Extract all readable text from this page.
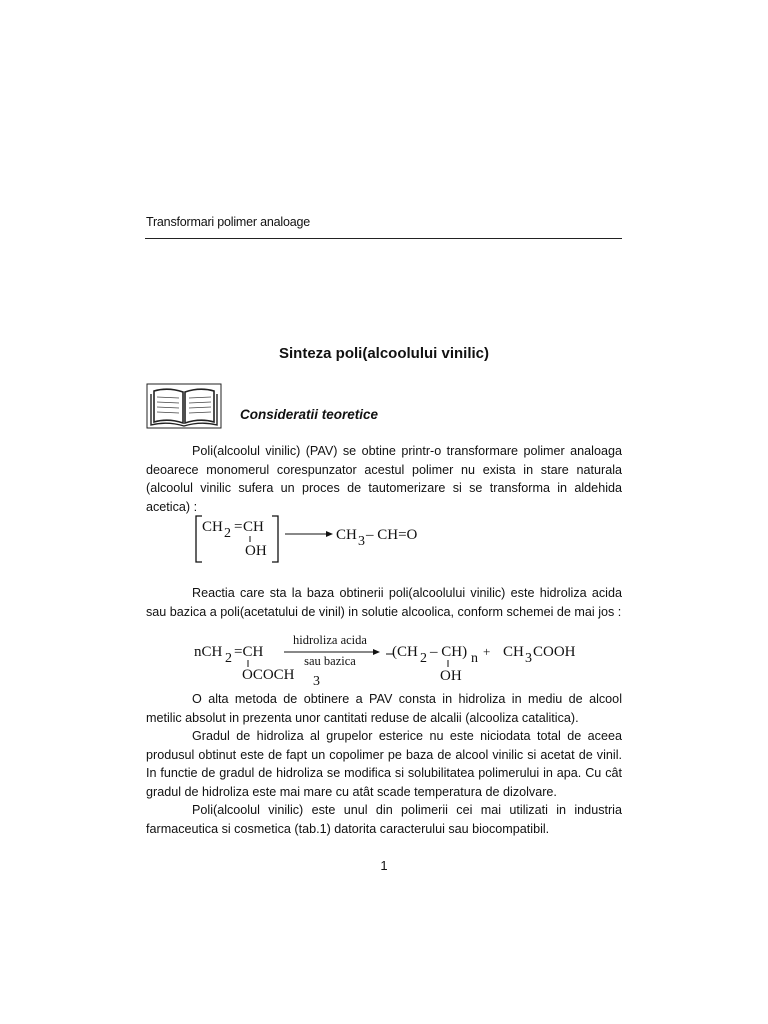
Transformari polimer analoage
Sinteza poli(alcoolului vinilic)
Consideratii teoretice

Poli(alcoolul vinilic) (PAV) se obtine printr-o transformare polimer analoaga deoarece monomerul corespunzator acestul polimer nu exista in stare naturala (alcoolul vinilic sufera un proces de tautomerizare si se transforma in aldehida acetica) :

CH 2 = CH
OH
CH 3 – CH=O

Reactia care sta la baza obtinerii poli(alcoolului vinilic) este hidroliza acida sau bazica a poli(acetatului de vinil) in solutie alcoolica, conform schemei de mai jos :

nCH 2 =CH
OCOCH 3
hidroliza acida
sau bazica
(CH 2 – CH) n
OH
+ CH 3 COOH

O alta metoda de obtinere a PAV consta in hidroliza in mediu de alcool metilic absolut in prezenta unor cantitati reduse de alcalii (alcooliza catalitica).

Gradul de hidroliza al grupelor esterice nu este niciodata total de aceea produsul obtinut este de fapt un copolimer pe baza de alcool vinilic si acetat de vinil. In functie de gradul de hidroliza se modifica si solubilitatea polimerului in apa. Cu cât gradul de hidroliza este mai mare cu atât scade temperatura de dizolvare.

Poli(alcoolul vinilic) este unul din polimerii cei mai utilizati in industria farmaceutica si cosmetica (tab.1) datorita caracterului sau biocompatibil.

1
